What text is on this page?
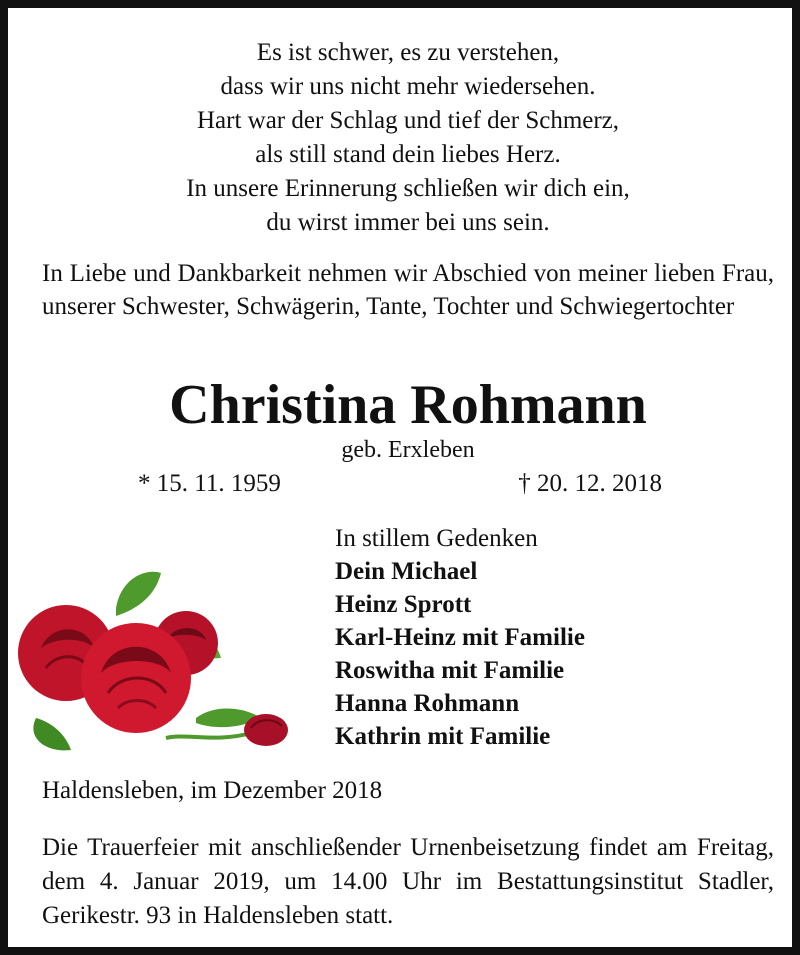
Es ist schwer, es zu verstehen,
dass wir uns nicht mehr wiedersehen.
Hart war der Schlag und tief der Schmerz,
als still stand dein liebes Herz.
In unsere Erinnerung schließen wir dich ein,
du wirst immer bei uns sein.
In Liebe und Dankbarkeit nehmen wir Abschied von meiner lieben Frau, unserer Schwester, Schwägerin, Tante, Tochter und Schwiegertochter
Christina Rohmann
geb. Erxleben
* 15. 11. 1959	† 20. 12. 2018
In stillem Gedenken
Dein Michael
Heinz Sprott
Karl-Heinz mit Familie
Roswitha mit Familie
Hanna Rohmann
Kathrin mit Familie
Haldensleben, im Dezember 2018
Die Trauerfeier mit anschließender Urnenbeisetzung findet am Freitag, dem 4. Januar 2019, um 14.00 Uhr im Bestattungsinstitut Stadler, Gerikestr. 93 in Haldensleben statt.
